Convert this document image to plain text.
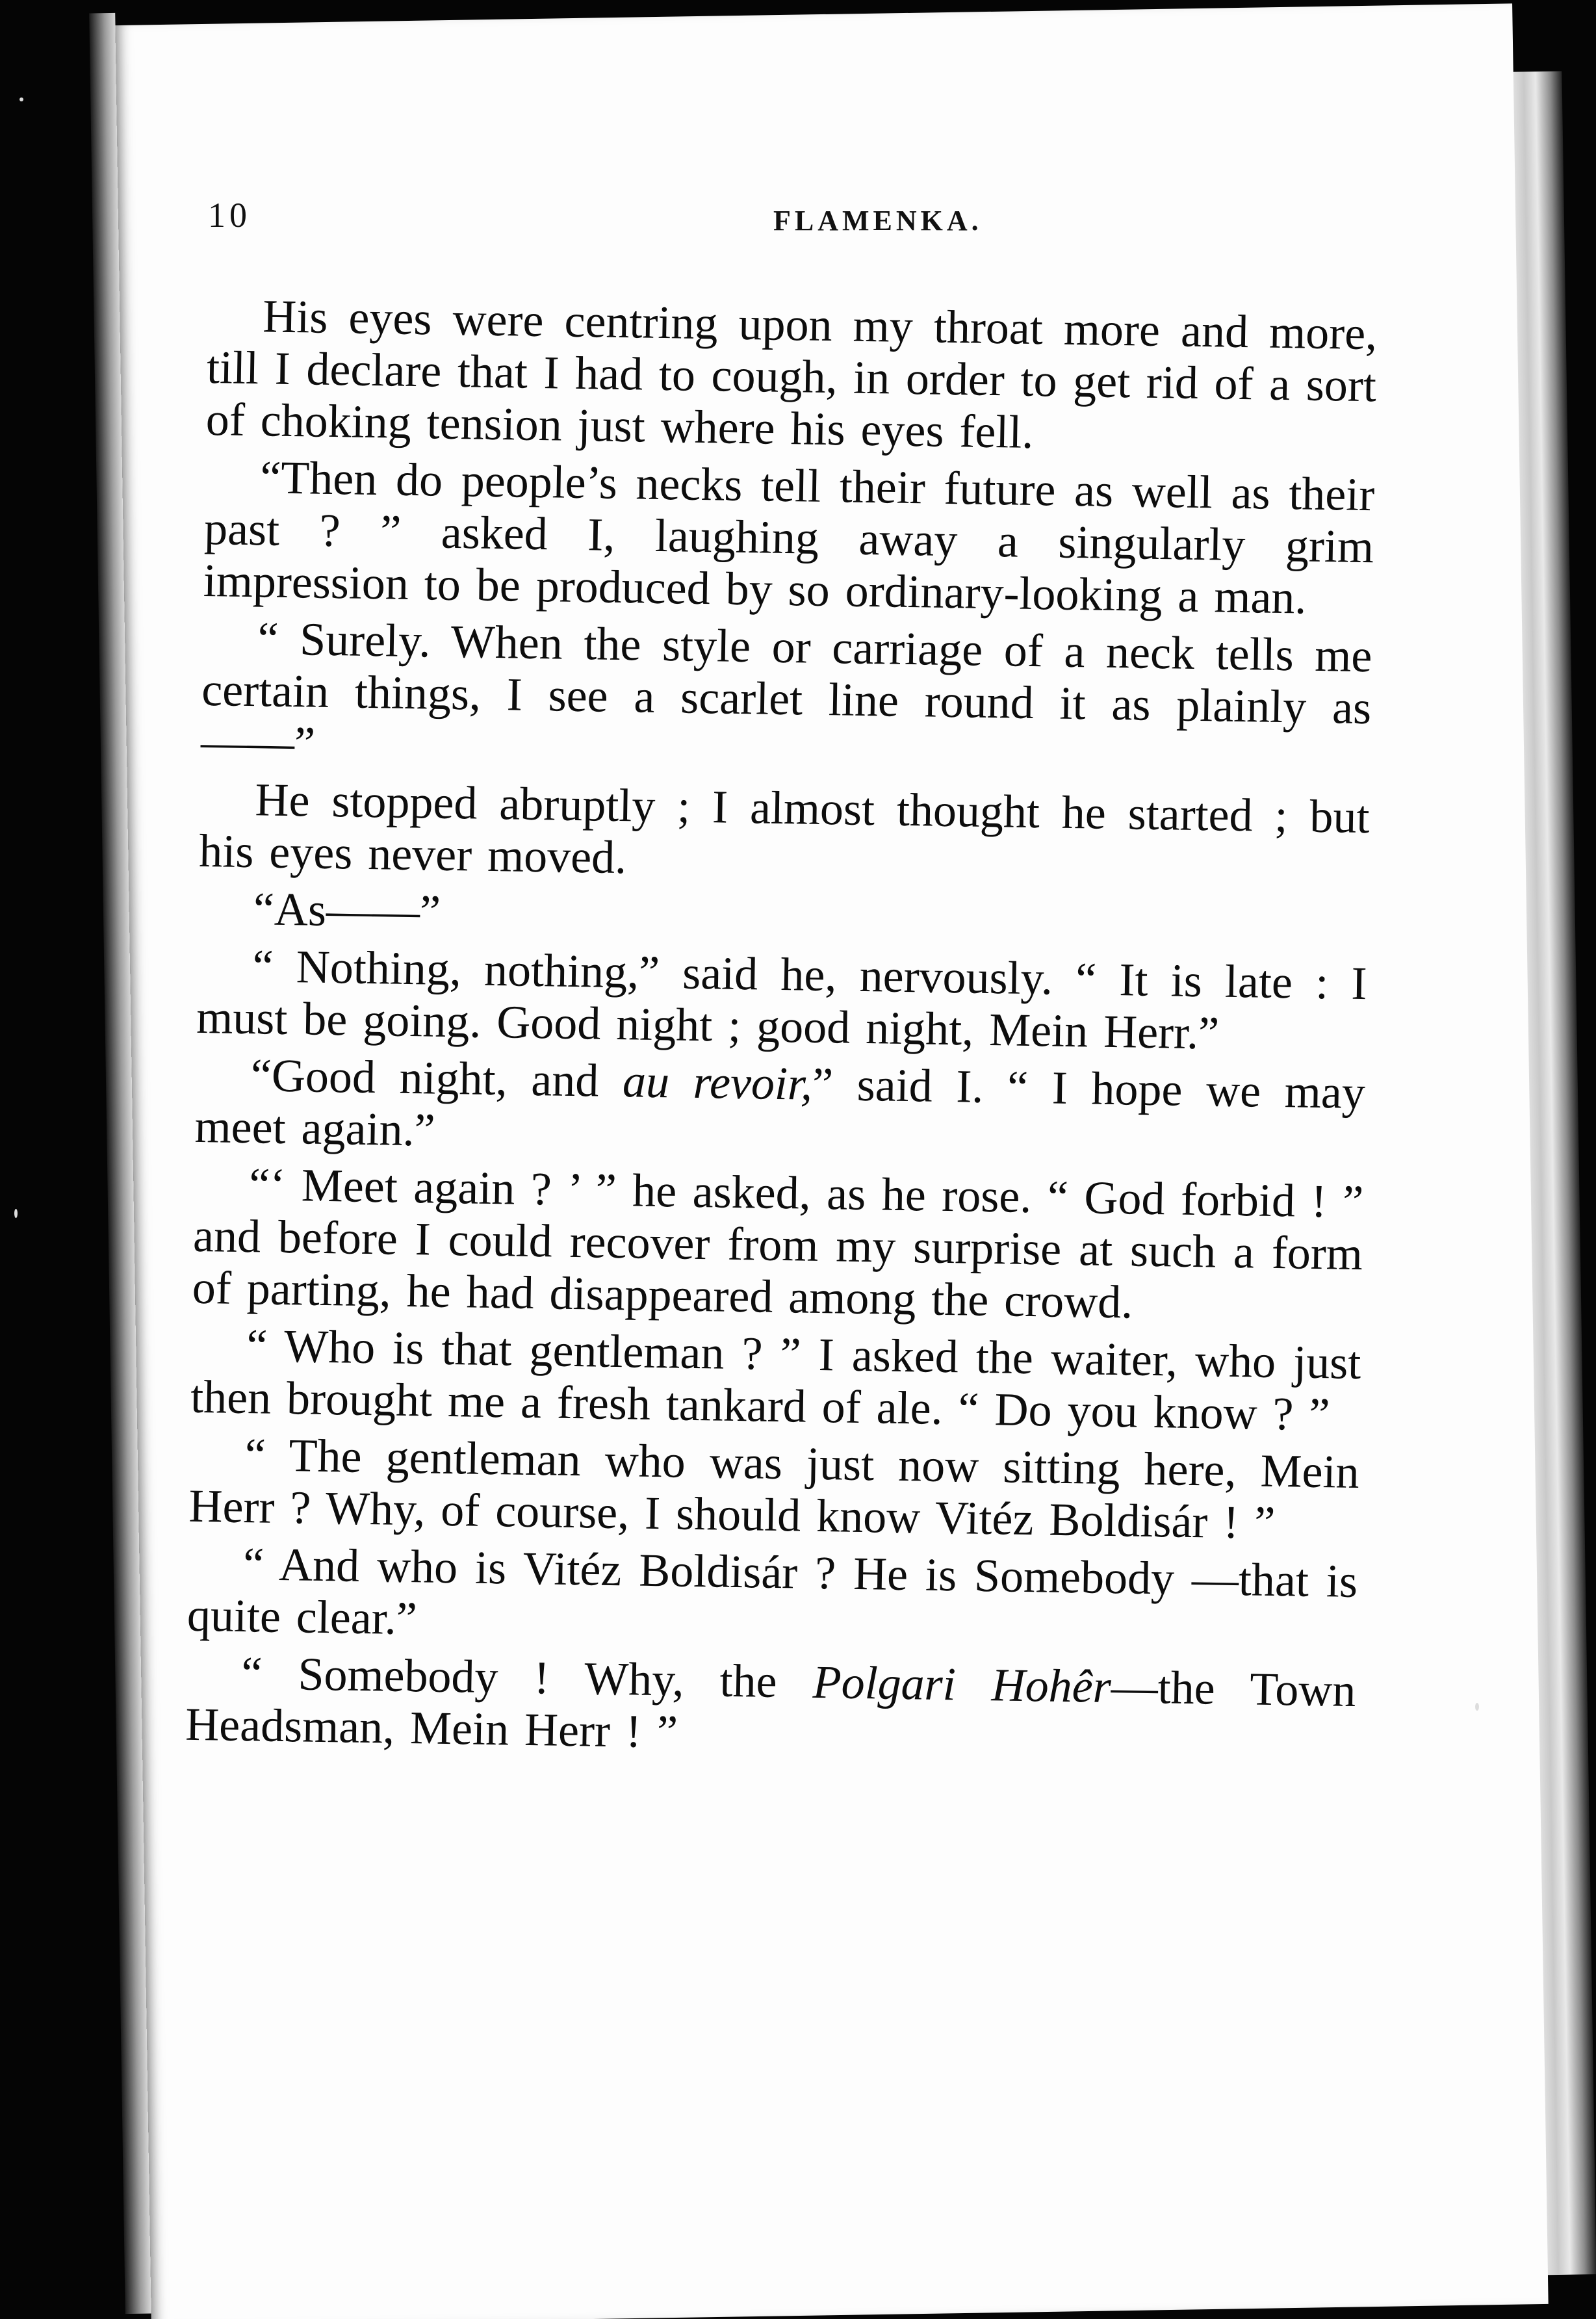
10	FLAMENKA.

His eyes were centring upon my throat more and more, till I declare that I had to cough, in order to get rid of a sort of choking tension just where his eyes fell.

“Then do people’s necks tell their future as well as their past ? ” asked I, laughing away a singularly grim impression to be produced by so ordinary-looking a man.

“ Surely. When the style or carriage of a neck tells me certain things, I see a scarlet line round it as plainly as——”

He stopped abruptly ; I almost thought he started ; but his eyes never moved.

“As——”

“ Nothing, nothing,” said he, nervously. “ It is late : I must be going. Good night ; good night, Mein Herr.”

“Good night, and au revoir,” said I. “ I hope we may meet again.”

“‘ Meet again ? ’ ” he asked, as he rose. “ God forbid ! ” and before I could recover from my surprise at such a form of parting, he had disappeared among the crowd.

“ Who is that gentleman ? ” I asked the waiter, who just then brought me a fresh tankard of ale. “ Do you know ? ”

“ The gentleman who was just now sitting here, Mein Herr ? Why, of course, I should know Vitéz Boldisár ! ”

“ And who is Vitéz Boldisár ? He is Somebody —that is quite clear.”

“ Somebody ! Why, the Polgari Hohêr—the Town Headsman, Mein Herr ! ”
